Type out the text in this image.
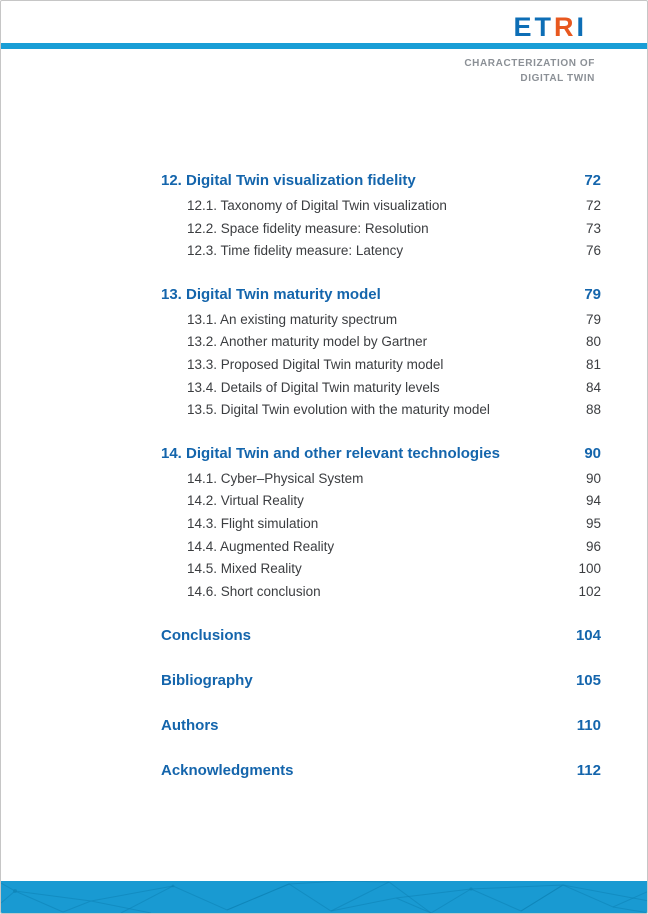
ETRI
CHARACTERIZATION OF
DIGITAL TWIN
12. Digital Twin visualization fidelity	72
12.1. Taxonomy of Digital Twin visualization	72
12.2. Space fidelity measure: Resolution	73
12.3. Time fidelity measure: Latency	76
13. Digital Twin maturity model	79
13.1. An existing maturity spectrum	79
13.2. Another maturity model by Gartner	80
13.3. Proposed Digital Twin maturity model	81
13.4. Details of Digital Twin maturity levels	84
13.5. Digital Twin evolution with the maturity model	88
14. Digital Twin and other relevant technologies	90
14.1. Cyber–Physical System	90
14.2. Virtual Reality	94
14.3. Flight simulation	95
14.4. Augmented Reality	96
14.5. Mixed Reality	100
14.6. Short conclusion	102
Conclusions	104
Bibliography	105
Authors	110
Acknowledgments	112
